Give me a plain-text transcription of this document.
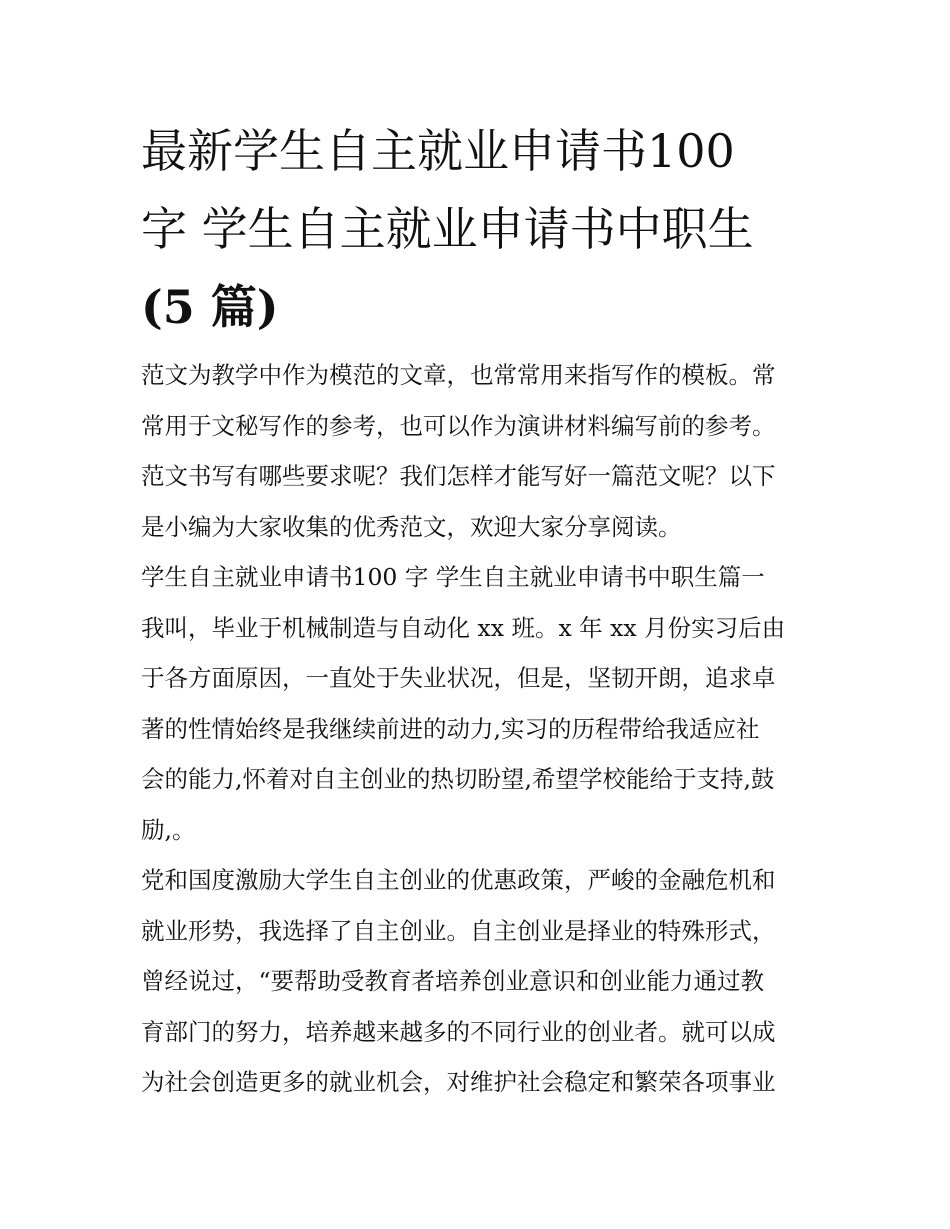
最新学生自主就业申请书100
字 学生自主就业申请书中职生
(5 篇)

范文为教学中作为模范的文章，也常常用来指写作的模板。常
常用于文秘写作的参考，也可以作为演讲材料编写前的参考。
范文书写有哪些要求呢？我们怎样才能写好一篇范文呢？以下
是小编为大家收集的优秀范文，欢迎大家分享阅读。

学生自主就业申请书100 字 学生自主就业申请书中职生篇一

我叫，毕业于机械制造与自动化 xx 班。x 年 xx 月份实习后由
于各方面原因，一直处于失业状况，但是，坚韧开朗，追求卓
著的性情始终是我继续前进的动力,实习的历程带给我适应社
会的能力,怀着对自主创业的热切盼望,希望学校能给于支持,鼓
励,。

党和国度激励大学生自主创业的优惠政策，严峻的金融危机和
就业形势，我选择了自主创业。自主创业是择业的特殊形式，
曾经说过，“要帮助受教育者培养创业意识和创业能力通过教
育部门的努力，培养越来越多的不同行业的创业者。就可以成
为社会创造更多的就业机会，对维护社会稳定和繁荣各项事业
